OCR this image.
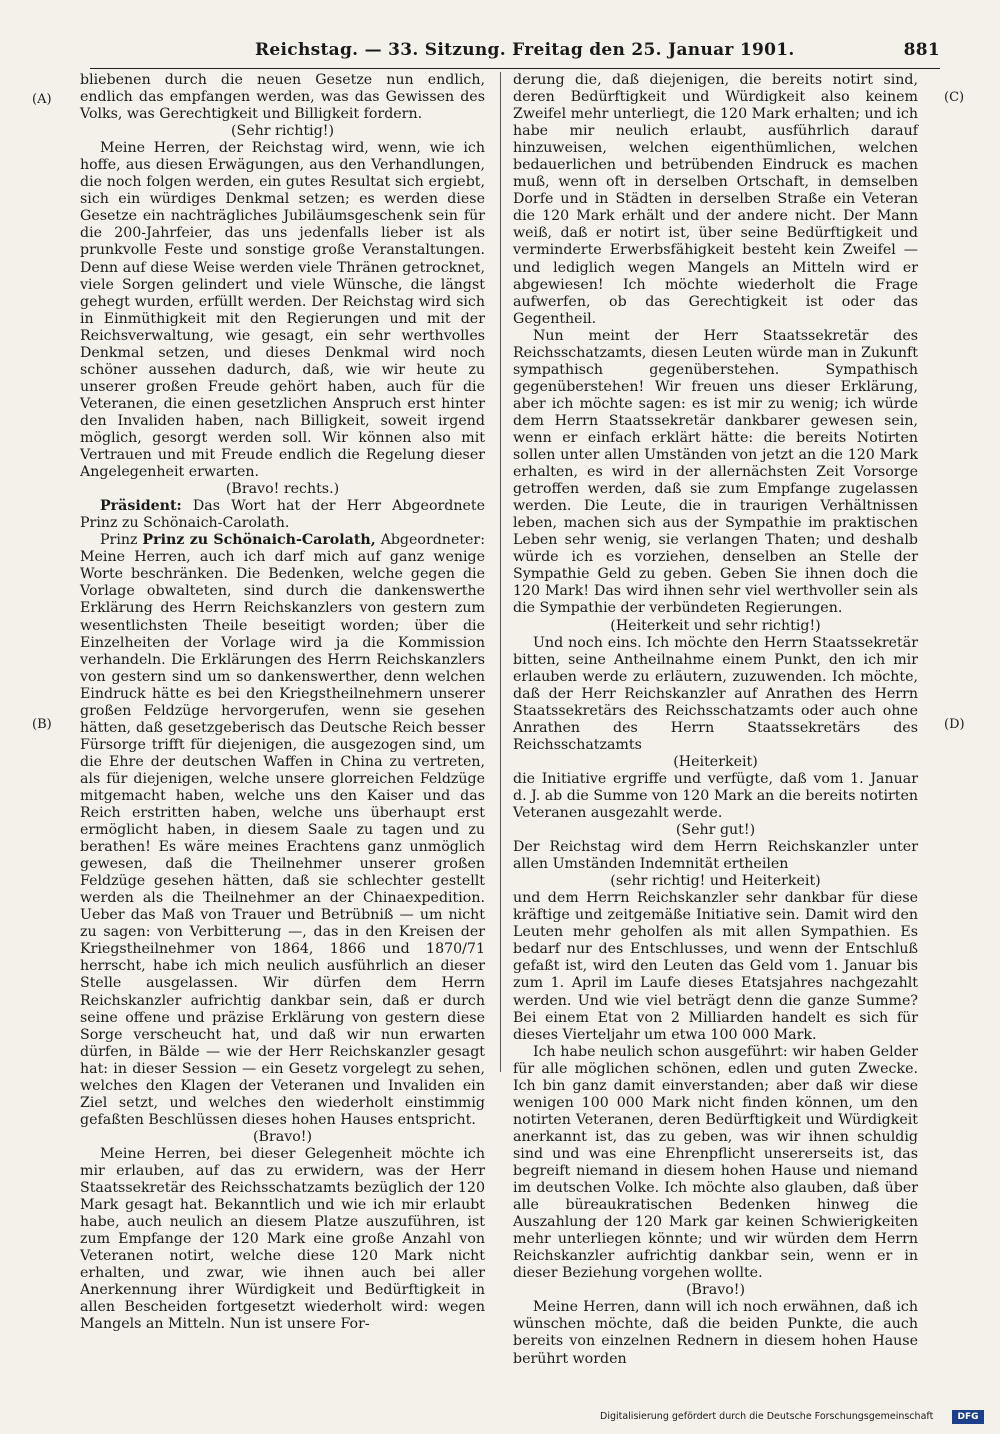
Reichstag. — 33. Sitzung. Freitag den 25. Januar 1901.	881
(A)
(B)
(C)
(D)

bliebenen durch die neuen Gesetze nun endlich, endlich das empfangen werden, was das Gewissen des Volks, was Gerechtigkeit und Billigkeit fordern.

(Sehr richtig!)

Meine Herren, der Reichstag wird, wenn, wie ich hoffe, aus diesen Erwägungen, aus den Verhandlungen, die noch folgen werden, ein gutes Resultat sich ergiebt, sich ein würdiges Denkmal setzen; es werden diese Gesetze ein nachträgliches Jubiläumsgeschenk sein für die 200-Jahrfeier, das uns jedenfalls lieber ist als prunkvolle Feste und sonstige große Veranstaltungen. Denn auf diese Weise werden viele Thränen getrocknet, viele Sorgen gelindert und viele Wünsche, die längst gehegt wurden, erfüllt werden. Der Reichstag wird sich in Einmüthigkeit mit den Regierungen und mit der Reichsverwaltung, wie gesagt, ein sehr werthvolles Denkmal setzen, und dieses Denkmal wird noch schöner aussehen dadurch, daß, wie wir heute zu unserer großen Freude gehört haben, auch für die Veteranen, die einen gesetzlichen Anspruch erst hinter den Invaliden haben, nach Billigkeit, soweit irgend möglich, gesorgt werden soll. Wir können also mit Vertrauen und mit Freude endlich die Regelung dieser Angelegenheit erwarten.

(Bravo! rechts.)

Präsident: Das Wort hat der Herr Abgeordnete Prinz zu Schönaich-Carolath.

Prinz Prinz zu Schönaich-Carolath, Abgeordneter: Meine Herren, auch ich darf mich auf ganz wenige Worte beschränken. Die Bedenken, welche gegen die Vorlage obwalteten, sind durch die dankenswerthe Erklärung des Herrn Reichskanzlers von gestern zum wesentlichsten Theile beseitigt worden; über die Einzelheiten der Vorlage wird ja die Kommission verhandeln. Die Erklärungen des Herrn Reichskanzlers von gestern sind um so dankenswerther, denn welchen Eindruck hätte es bei den Kriegstheilnehmern unserer großen Feldzüge hervorgerufen, wenn sie gesehen hätten, daß gesetzgeberisch das Deutsche Reich besser Fürsorge trifft für diejenigen, die ausgezogen sind, um die Ehre der deutschen Waffen in China zu vertreten, als für diejenigen, welche unsere glorreichen Feldzüge mitgemacht haben, welche uns den Kaiser und das Reich erstritten haben, welche uns überhaupt erst ermöglicht haben, in diesem Saale zu tagen und zu berathen! Es wäre meines Erachtens ganz unmöglich gewesen, daß die Theilnehmer unserer großen Feldzüge gesehen hätten, daß sie schlechter gestellt werden als die Theilnehmer an der Chinaexpedition. Ueber das Maß von Trauer und Betrübniß — um nicht zu sagen: von Verbitterung —, das in den Kreisen der Kriegstheilnehmer von 1864, 1866 und 1870/71 herrscht, habe ich mich neulich ausführlich an dieser Stelle ausgelassen. Wir dürfen dem Herrn Reichskanzler aufrichtig dankbar sein, daß er durch seine offene und präzise Erklärung von gestern diese Sorge verscheucht hat, und daß wir nun erwarten dürfen, in Bälde — wie der Herr Reichskanzler gesagt hat: in dieser Session — ein Gesetz vorgelegt zu sehen, welches den Klagen der Veteranen und Invaliden ein Ziel setzt, und welches den wiederholt einstimmig gefaßten Beschlüssen dieses hohen Hauses entspricht.

(Bravo!)

Meine Herren, bei dieser Gelegenheit möchte ich mir erlauben, auf das zu erwidern, was der Herr Staatssekretär des Reichsschatzamts bezüglich der 120 Mark gesagt hat. Bekanntlich und wie ich mir erlaubt habe, auch neulich an diesem Platze auszuführen, ist zum Empfange der 120 Mark eine große Anzahl von Veteranen notirt, welche diese 120 Mark nicht erhalten, und zwar, wie ihnen auch bei aller Anerkennung ihrer Würdigkeit und Bedürftigkeit in allen Bescheiden fortgesetzt wiederholt wird: wegen Mangels an Mitteln. Nun ist unsere For-

derung die, daß diejenigen, die bereits notirt sind, deren Bedürftigkeit und Würdigkeit also keinem Zweifel mehr unterliegt, die 120 Mark erhalten; und ich habe mir neulich erlaubt, ausführlich darauf hinzuweisen, welchen eigenthümlichen, welchen bedauerlichen und betrübenden Eindruck es machen muß, wenn oft in derselben Ortschaft, in demselben Dorfe und in Städten in derselben Straße ein Veteran die 120 Mark erhält und der andere nicht. Der Mann weiß, daß er notirt ist, über seine Bedürftigkeit und verminderte Erwerbsfähigkeit besteht kein Zweifel — und lediglich wegen Mangels an Mitteln wird er abgewiesen! Ich möchte wiederholt die Frage aufwerfen, ob das Gerechtigkeit ist oder das Gegentheil.

Nun meint der Herr Staatssekretär des Reichsschatzamts, diesen Leuten würde man in Zukunft sympathisch gegenüberstehen. Sympathisch gegenüberstehen! Wir freuen uns dieser Erklärung, aber ich möchte sagen: es ist mir zu wenig; ich würde dem Herrn Staatssekretär dankbarer gewesen sein, wenn er einfach erklärt hätte: die bereits Notirten sollen unter allen Umständen von jetzt an die 120 Mark erhalten, es wird in der allernächsten Zeit Vorsorge getroffen werden, daß sie zum Empfange zugelassen werden. Die Leute, die in traurigen Verhältnissen leben, machen sich aus der Sympathie im praktischen Leben sehr wenig, sie verlangen Thaten; und deshalb würde ich es vorziehen, denselben an Stelle der Sympathie Geld zu geben. Geben Sie ihnen doch die 120 Mark! Das wird ihnen sehr viel werthvoller sein als die Sympathie der verbündeten Regierungen.

(Heiterkeit und sehr richtig!)

Und noch eins. Ich möchte den Herrn Staatssekretär bitten, seine Antheilnahme einem Punkt, den ich mir erlauben werde zu erläutern, zuzuwenden. Ich möchte, daß der Herr Reichskanzler auf Anrathen des Herrn Staatssekretärs des Reichsschatzamts oder auch ohne Anrathen des Herrn Staatssekretärs des Reichsschatzamts

(Heiterkeit)

die Initiative ergriffe und verfügte, daß vom 1. Januar d. J. ab die Summe von 120 Mark an die bereits notirten Veteranen ausgezahlt werde.

(Sehr gut!)

Der Reichstag wird dem Herrn Reichskanzler unter allen Umständen Indemnität ertheilen

(sehr richtig! und Heiterkeit)

und dem Herrn Reichskanzler sehr dankbar für diese kräftige und zeitgemäße Initiative sein. Damit wird den Leuten mehr geholfen als mit allen Sympathien. Es bedarf nur des Entschlusses, und wenn der Entschluß gefaßt ist, wird den Leuten das Geld vom 1. Januar bis zum 1. April im Laufe dieses Etatsjahres nachgezahlt werden. Und wie viel beträgt denn die ganze Summe? Bei einem Etat von 2 Milliarden handelt es sich für dieses Vierteljahr um etwa 100 000 Mark.

Ich habe neulich schon ausgeführt: wir haben Gelder für alle möglichen schönen, edlen und guten Zwecke. Ich bin ganz damit einverstanden; aber daß wir diese wenigen 100 000 Mark nicht finden können, um den notirten Veteranen, deren Bedürftigkeit und Würdigkeit anerkannt ist, das zu geben, was wir ihnen schuldig sind und was eine Ehrenpflicht unsererseits ist, das begreift niemand in diesem hohen Hause und niemand im deutschen Volke. Ich möchte also glauben, daß über alle büreaukratischen Bedenken hinweg die Auszahlung der 120 Mark gar keinen Schwierigkeiten mehr unterliegen könnte; und wir würden dem Herrn Reichskanzler aufrichtig dankbar sein, wenn er in dieser Beziehung vorgehen wollte.

(Bravo!)

Meine Herren, dann will ich noch erwähnen, daß ich wünschen möchte, daß die beiden Punkte, die auch bereits von einzelnen Rednern in diesem hohen Hause berührt worden

Digitalisierung gefördert durch die Deutsche Forschungsgemeinschaft	DFG
